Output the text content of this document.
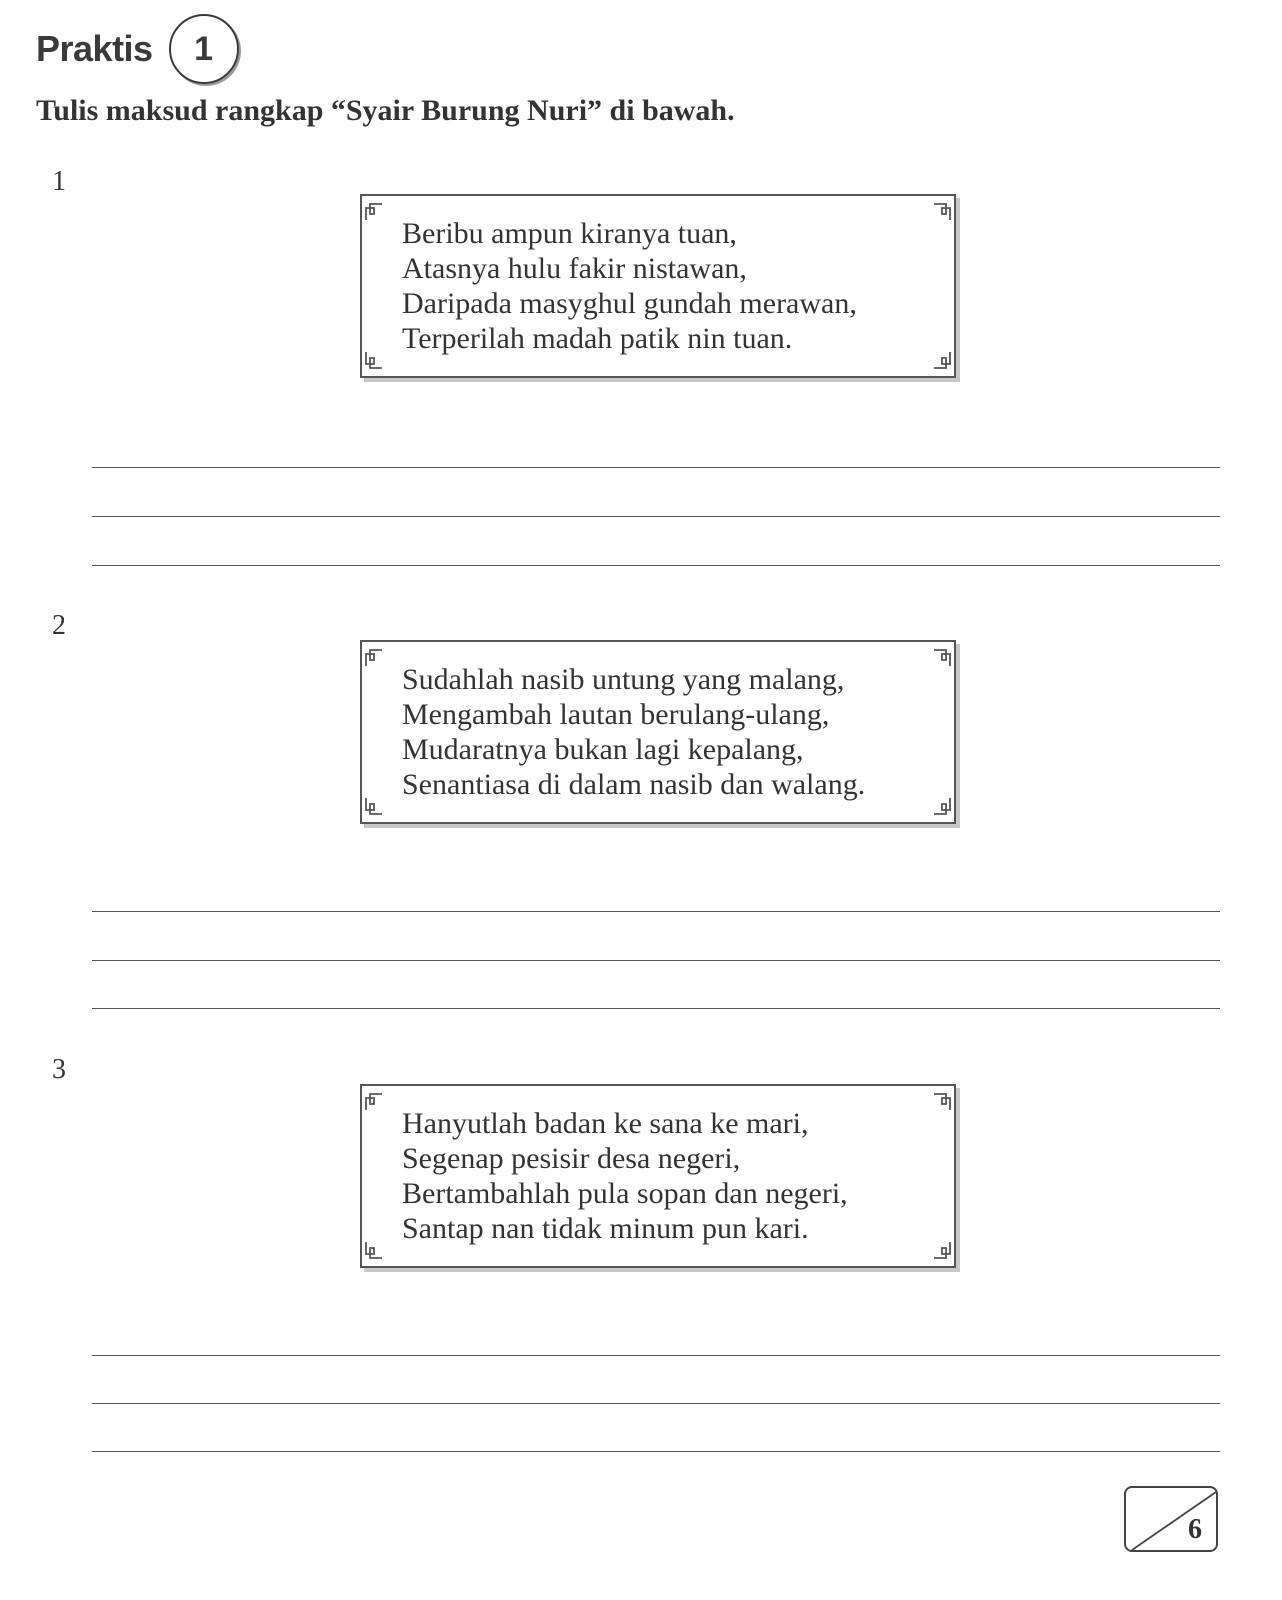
Praktis	1
Tulis maksud rangkap “Syair Burung Nuri” di bawah.
1
Beribu ampun kiranya tuan,
Atasnya hulu fakir nistawan,
Daripada masyghul gundah merawan,
Terperilah madah patik nin tuan.
2
Sudahlah nasib untung yang malang,
Mengambah lautan berulang-ulang,
Mudaratnya bukan lagi kepalang,
Senantiasa di dalam nasib dan walang.
3
Hanyutlah badan ke sana ke mari,
Segenap pesisir desa negeri,
Bertambahlah pula sopan dan negeri,
Santap nan tidak minum pun kari.
6
